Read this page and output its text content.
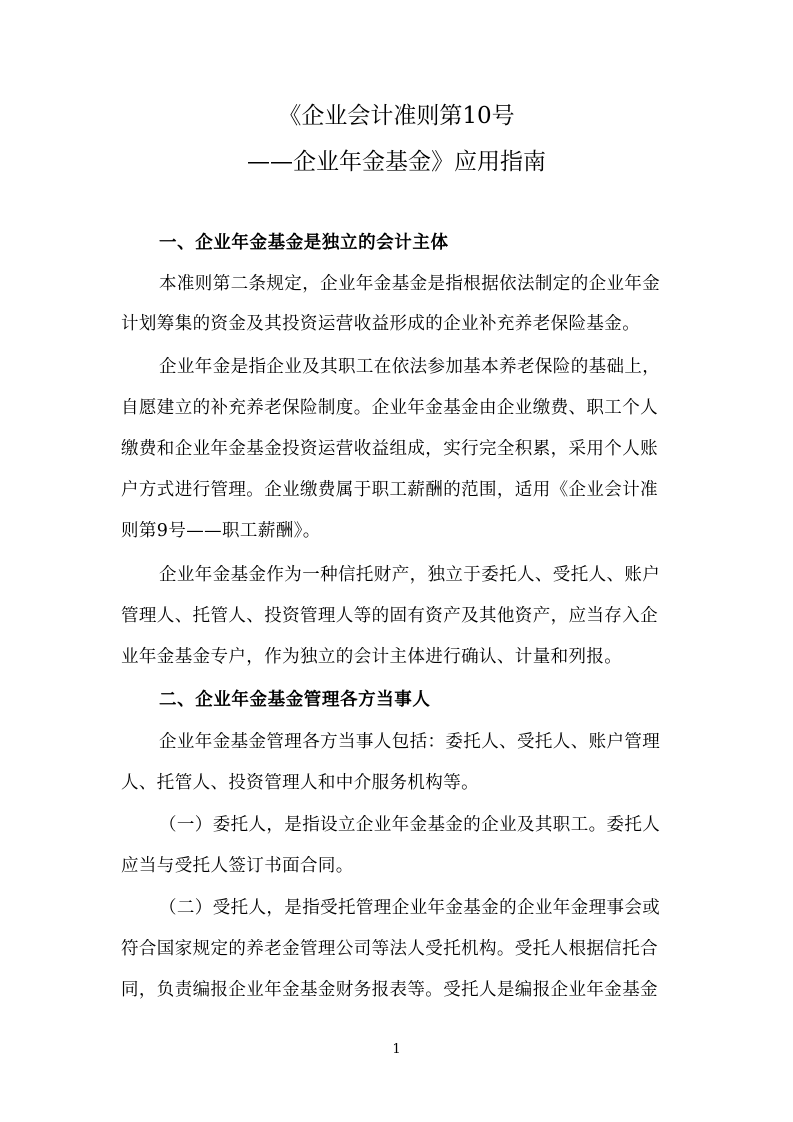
《企业会计准则第10号
——企业年金基金》应用指南
一、企业年金基金是独立的会计主体
本准则第二条规定，企业年金基金是指根据依法制定的企业年金
计划筹集的资金及其投资运营收益形成的企业补充养老保险基金。
企业年金是指企业及其职工在依法参加基本养老保险的基础上，
自愿建立的补充养老保险制度。企业年金基金由企业缴费、职工个人
缴费和企业年金基金投资运营收益组成，实行完全积累，采用个人账
户方式进行管理。企业缴费属于职工薪酬的范围，适用《企业会计准
则第9号——职工薪酬》。
企业年金基金作为一种信托财产，独立于委托人、受托人、账户
管理人、托管人、投资管理人等的固有资产及其他资产，应当存入企
业年金基金专户，作为独立的会计主体进行确认、计量和列报。
二、企业年金基金管理各方当事人
企业年金基金管理各方当事人包括：委托人、受托人、账户管理
人、托管人、投资管理人和中介服务机构等。
（一）委托人，是指设立企业年金基金的企业及其职工。委托人
应当与受托人签订书面合同。
（二）受托人，是指受托管理企业年金基金的企业年金理事会或
符合国家规定的养老金管理公司等法人受托机构。受托人根据信托合
同，负责编报企业年金基金财务报表等。受托人是编报企业年金基金
1
